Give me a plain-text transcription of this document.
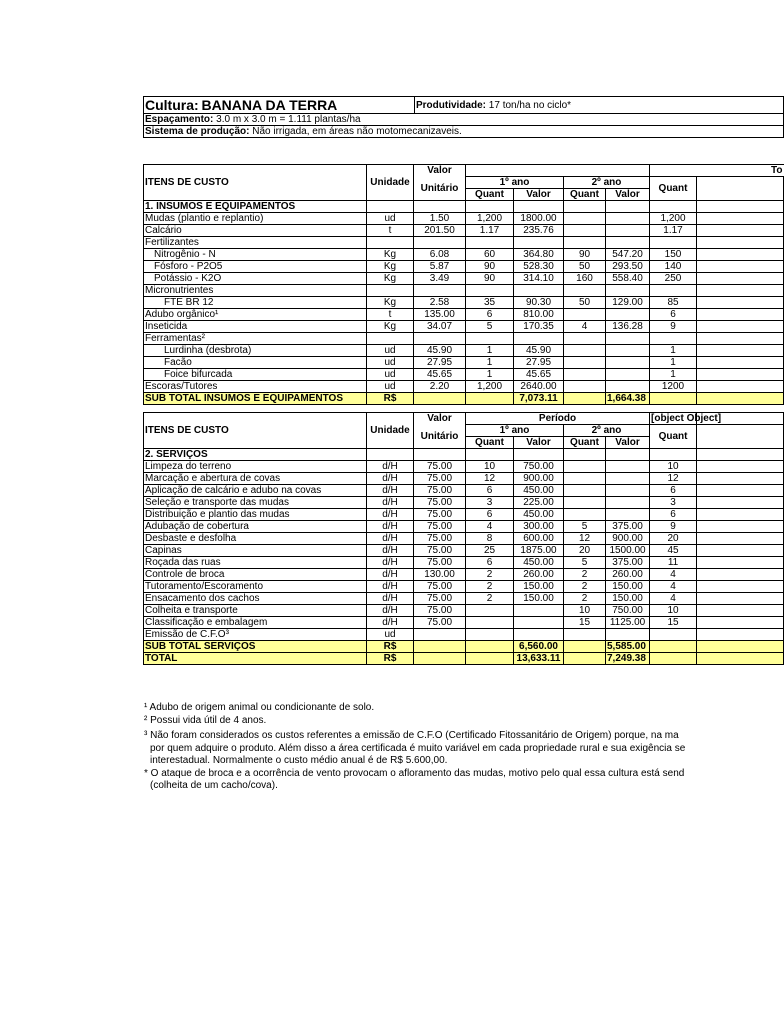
Cultura: BANANA DA TERRA	Produtividade: 17 ton/ha no ciclo*
Espaçamento: 3.0 m x 3.0 m = 1.111 plantas/ha
Sistema de produção: Não irrigada, em áreas não motomecanizaveis.
ITENS DE CUSTO	Unidade	Valor					To	
		Unitário	1º ano		2º ano		Quant	
			Quant	Valor	Quant	Valor		
1. INSUMOS E EQUIPAMENTOS								
Mudas (plantio e replantio)	ud	1.50	1,200	1800.00			1,200	
Calcário	t	201.50	1.17	235.76			1.17	
Fertilizantes								
Nitrogênio - N	Kg	6.08	60	364.80	90	547.20	150	
Fósforo - P2O5	Kg	5.87	90	528.30	50	293.50	140	
Potássio - K2O	Kg	3.49	90	314.10	160	558.40	250	
Micronutrientes								
FTE BR 12	Kg	2.58	35	90.30	50	129.00	85	
Adubo orgânico¹	t	135.00	6	810.00			6	
Inseticida	Kg	34.07	5	170.35	4	136.28	9	
Ferramentas²								
Lurdinha (desbrota)	ud	45.90	1	45.90			1	
Facão	ud	27.95	1	27.95			1	
Foice bifurcada	ud	45.65	1	45.65			1	
Escoras/Tutores	ud	2.20	1,200	2640.00			1200	
SUB TOTAL INSUMOS E EQUIPAMENTOS	R$			7,073.11		1,664.38		
ITENS DE CUSTO	Unidade	Valor	Período				[object Object]	
		Unitário	1º ano		2º ano		Quant	
			Quant	Valor	Quant	Valor		
2. SERVIÇOS								
Limpeza do terreno	d/H	75.00	10	750.00			10	
Marcação e abertura de covas	d/H	75.00	12	900.00			12	
Aplicação de calcário e adubo na covas	d/H	75.00	6	450.00			6	
Seleção e transporte das mudas	d/H	75.00	3	225.00			3	
Distribuição e plantio das mudas	d/H	75.00	6	450.00			6	
Adubação de cobertura	d/H	75.00	4	300.00	5	375.00	9	
Desbaste e desfolha	d/H	75.00	8	600.00	12	900.00	20	
Capinas	d/H	75.00	25	1875.00	20	1500.00	45	
Roçada das ruas	d/H	75.00	6	450.00	5	375.00	11	
Controle de broca	d/H	130.00	2	260.00	2	260.00	4	
Tutoramento/Escoramento	d/H	75.00	2	150.00	2	150.00	4	
Ensacamento dos cachos	d/H	75.00	2	150.00	2	150.00	4	
Colheita e transporte	d/H	75.00			10	750.00	10	
Classificação e embalagem	d/H	75.00			15	1125.00	15	
Emissão de C.F.O³	ud							
SUB TOTAL SERVIÇOS	R$			6,560.00		5,585.00		
TOTAL	R$			13,633.11		7,249.38		
¹ Adubo de origem animal ou condicionante de solo.
² Possui vida útil de 4 anos.
³ Não foram considerados os custos referentes a emissão de C.F.O (Certificado Fitossanitário de Origem) porque, na ma
por quem adquire o produto. Além disso a área certificada é muito variável em cada propriedade rural e sua exigência se
interestadual. Normalmente o custo médio anual é de R$ 5.600,00.
* O ataque de broca e a ocorrência de vento provocam o afloramento das mudas, motivo pelo qual essa cultura está send
(colheita de um cacho/cova).
